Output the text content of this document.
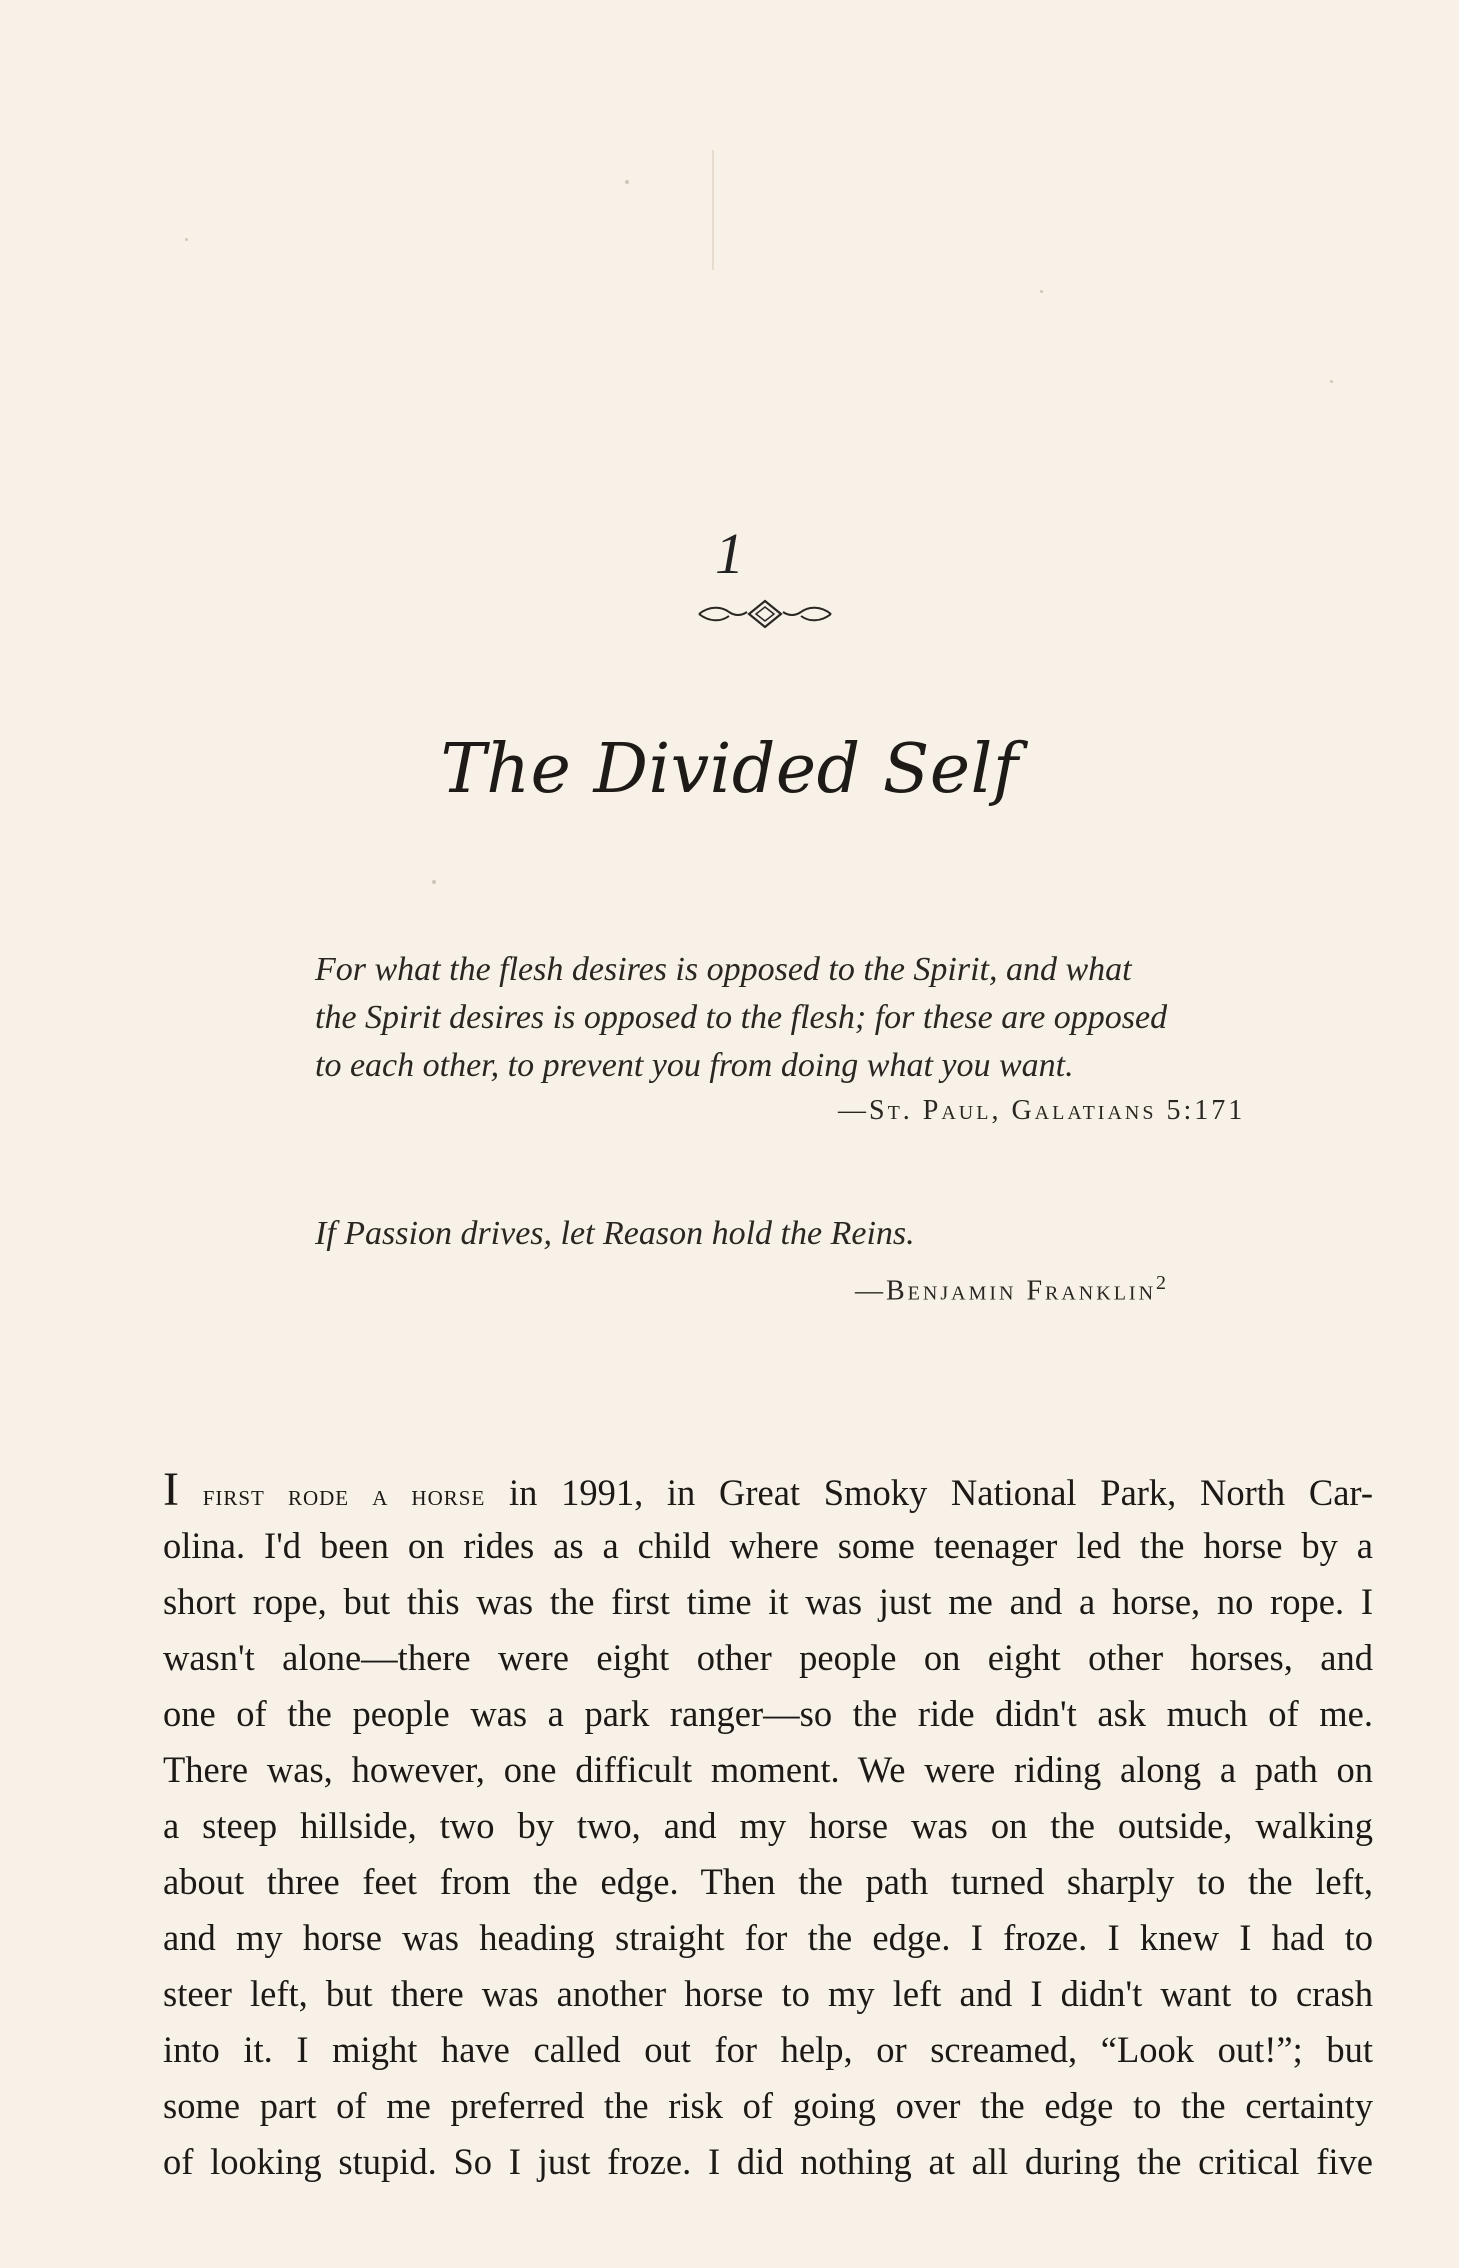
1
The Divided Self
For what the flesh desires is opposed to the Spirit, and what
the Spirit desires is opposed to the flesh; for these are opposed
to each other, to prevent you from doing what you want.
—St. Paul, Galatians 5:171
If Passion drives, let Reason hold the Reins.
—Benjamin Franklin$^2$
I first rode a horse in 1991, in Great Smoky National Park, North Car-
olina. I'd been on rides as a child where some teenager led the horse by a
short rope, but this was the first time it was just me and a horse, no rope. I
wasn't alone—there were eight other people on eight other horses, and
one of the people was a park ranger—so the ride didn't ask much of me.
There was, however, one difficult moment. We were riding along a path on
a steep hillside, two by two, and my horse was on the outside, walking
about three feet from the edge. Then the path turned sharply to the left,
and my horse was heading straight for the edge. I froze. I knew I had to
steer left, but there was another horse to my left and I didn't want to crash
into it. I might have called out for help, or screamed, “Look out!”; but
some part of me preferred the risk of going over the edge to the certainty
of looking stupid. So I just froze. I did nothing at all during the critical five
